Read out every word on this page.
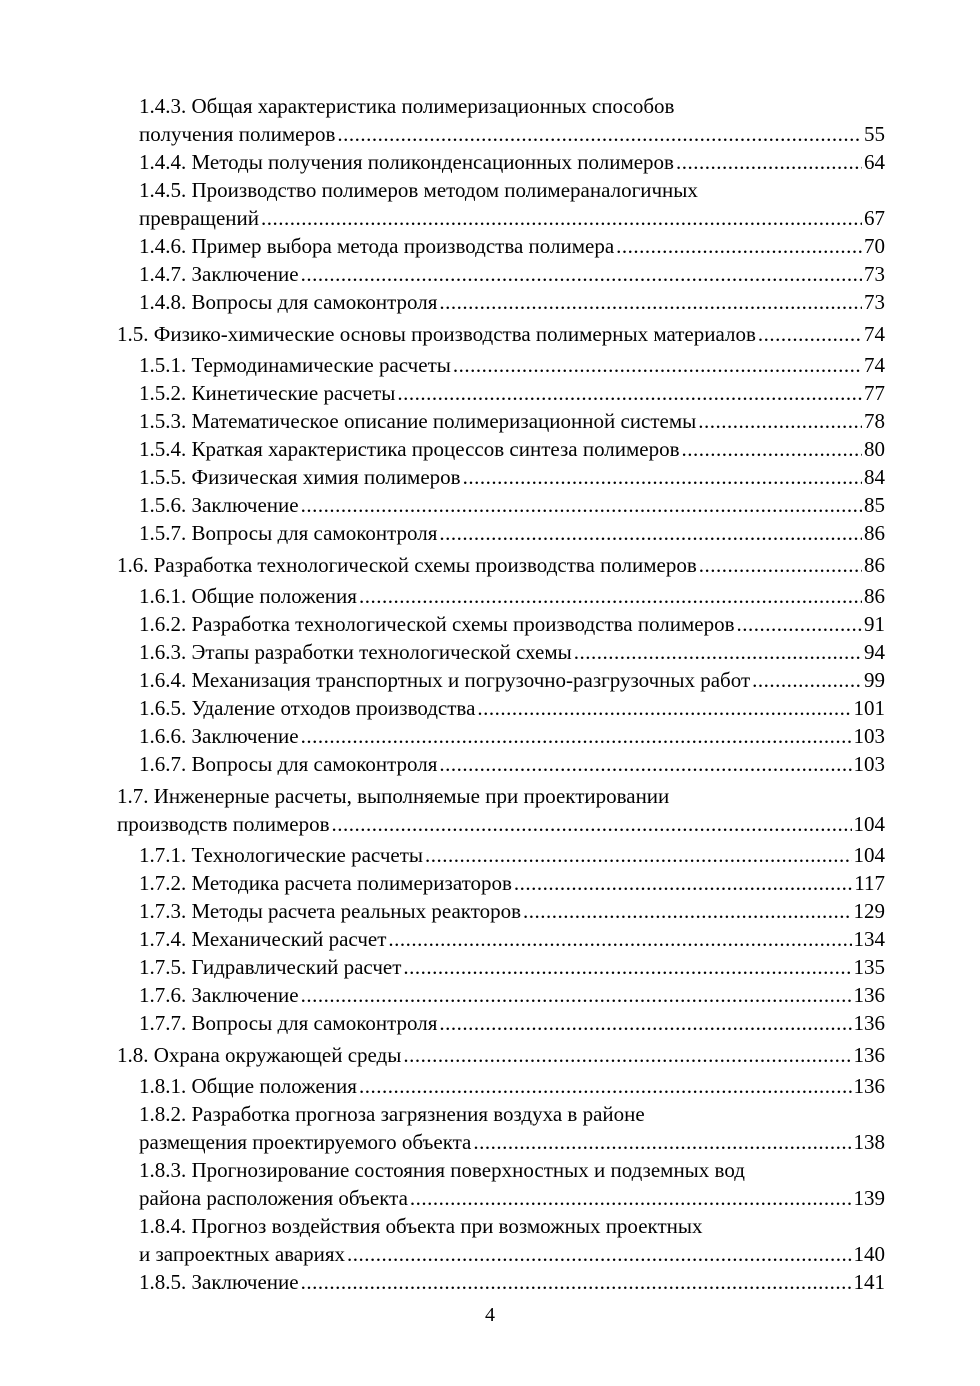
1.4.3. Общая характеристика полимеризационных способов
получения полимеров .....	55
1.4.4. Методы получения поликонденсационных полимеров .....	64
1.4.5. Производство полимеров методом полимераналогичных
превращений .....	67
1.4.6. Пример выбора метода производства полимера .....	70
1.4.7. Заключение .....	73
1.4.8. Вопросы для самоконтроля .....	73
1.5. Физико-химические основы производства полимерных материалов .....	74
1.5.1. Термодинамические расчеты .....	74
1.5.2. Кинетические расчеты .....	77
1.5.3. Математическое описание полимеризационной системы .....	78
1.5.4. Краткая характеристика процессов синтеза полимеров .....	80
1.5.5. Физическая химия полимеров .....	84
1.5.6. Заключение .....	85
1.5.7. Вопросы для самоконтроля .....	86
1.6. Разработка технологической схемы производства полимеров .....	86
1.6.1. Общие положения .....	86
1.6.2. Разработка технологической схемы производства полимеров .....	91
1.6.3. Этапы разработки технологической схемы .....	94
1.6.4. Механизация транспортных и погрузочно-разгрузочных работ .....	99
1.6.5. Удаление отходов производства .....	101
1.6.6. Заключение .....	103
1.6.7. Вопросы для самоконтроля .....	103
1.7. Инженерные расчеты, выполняемые при проектировании
производств полимеров .....	104
1.7.1. Технологические расчеты .....	104
1.7.2. Методика расчета полимеризаторов .....	117
1.7.3. Методы расчета реальных реакторов .....	129
1.7.4. Механический расчет .....	134
1.7.5. Гидравлический расчет .....	135
1.7.6. Заключение .....	136
1.7.7. Вопросы для самоконтроля .....	136
1.8. Охрана окружающей среды .....	136
1.8.1. Общие положения .....	136
1.8.2. Разработка прогноза загрязнения воздуха в районе
размещения проектируемого объекта .....	138
1.8.3. Прогнозирование состояния поверхностных и подземных вод
района расположения объекта .....	139
1.8.4. Прогноз воздействия объекта при возможных проектных
и запроектных авариях .....	140
1.8.5. Заключение .....	141
4
